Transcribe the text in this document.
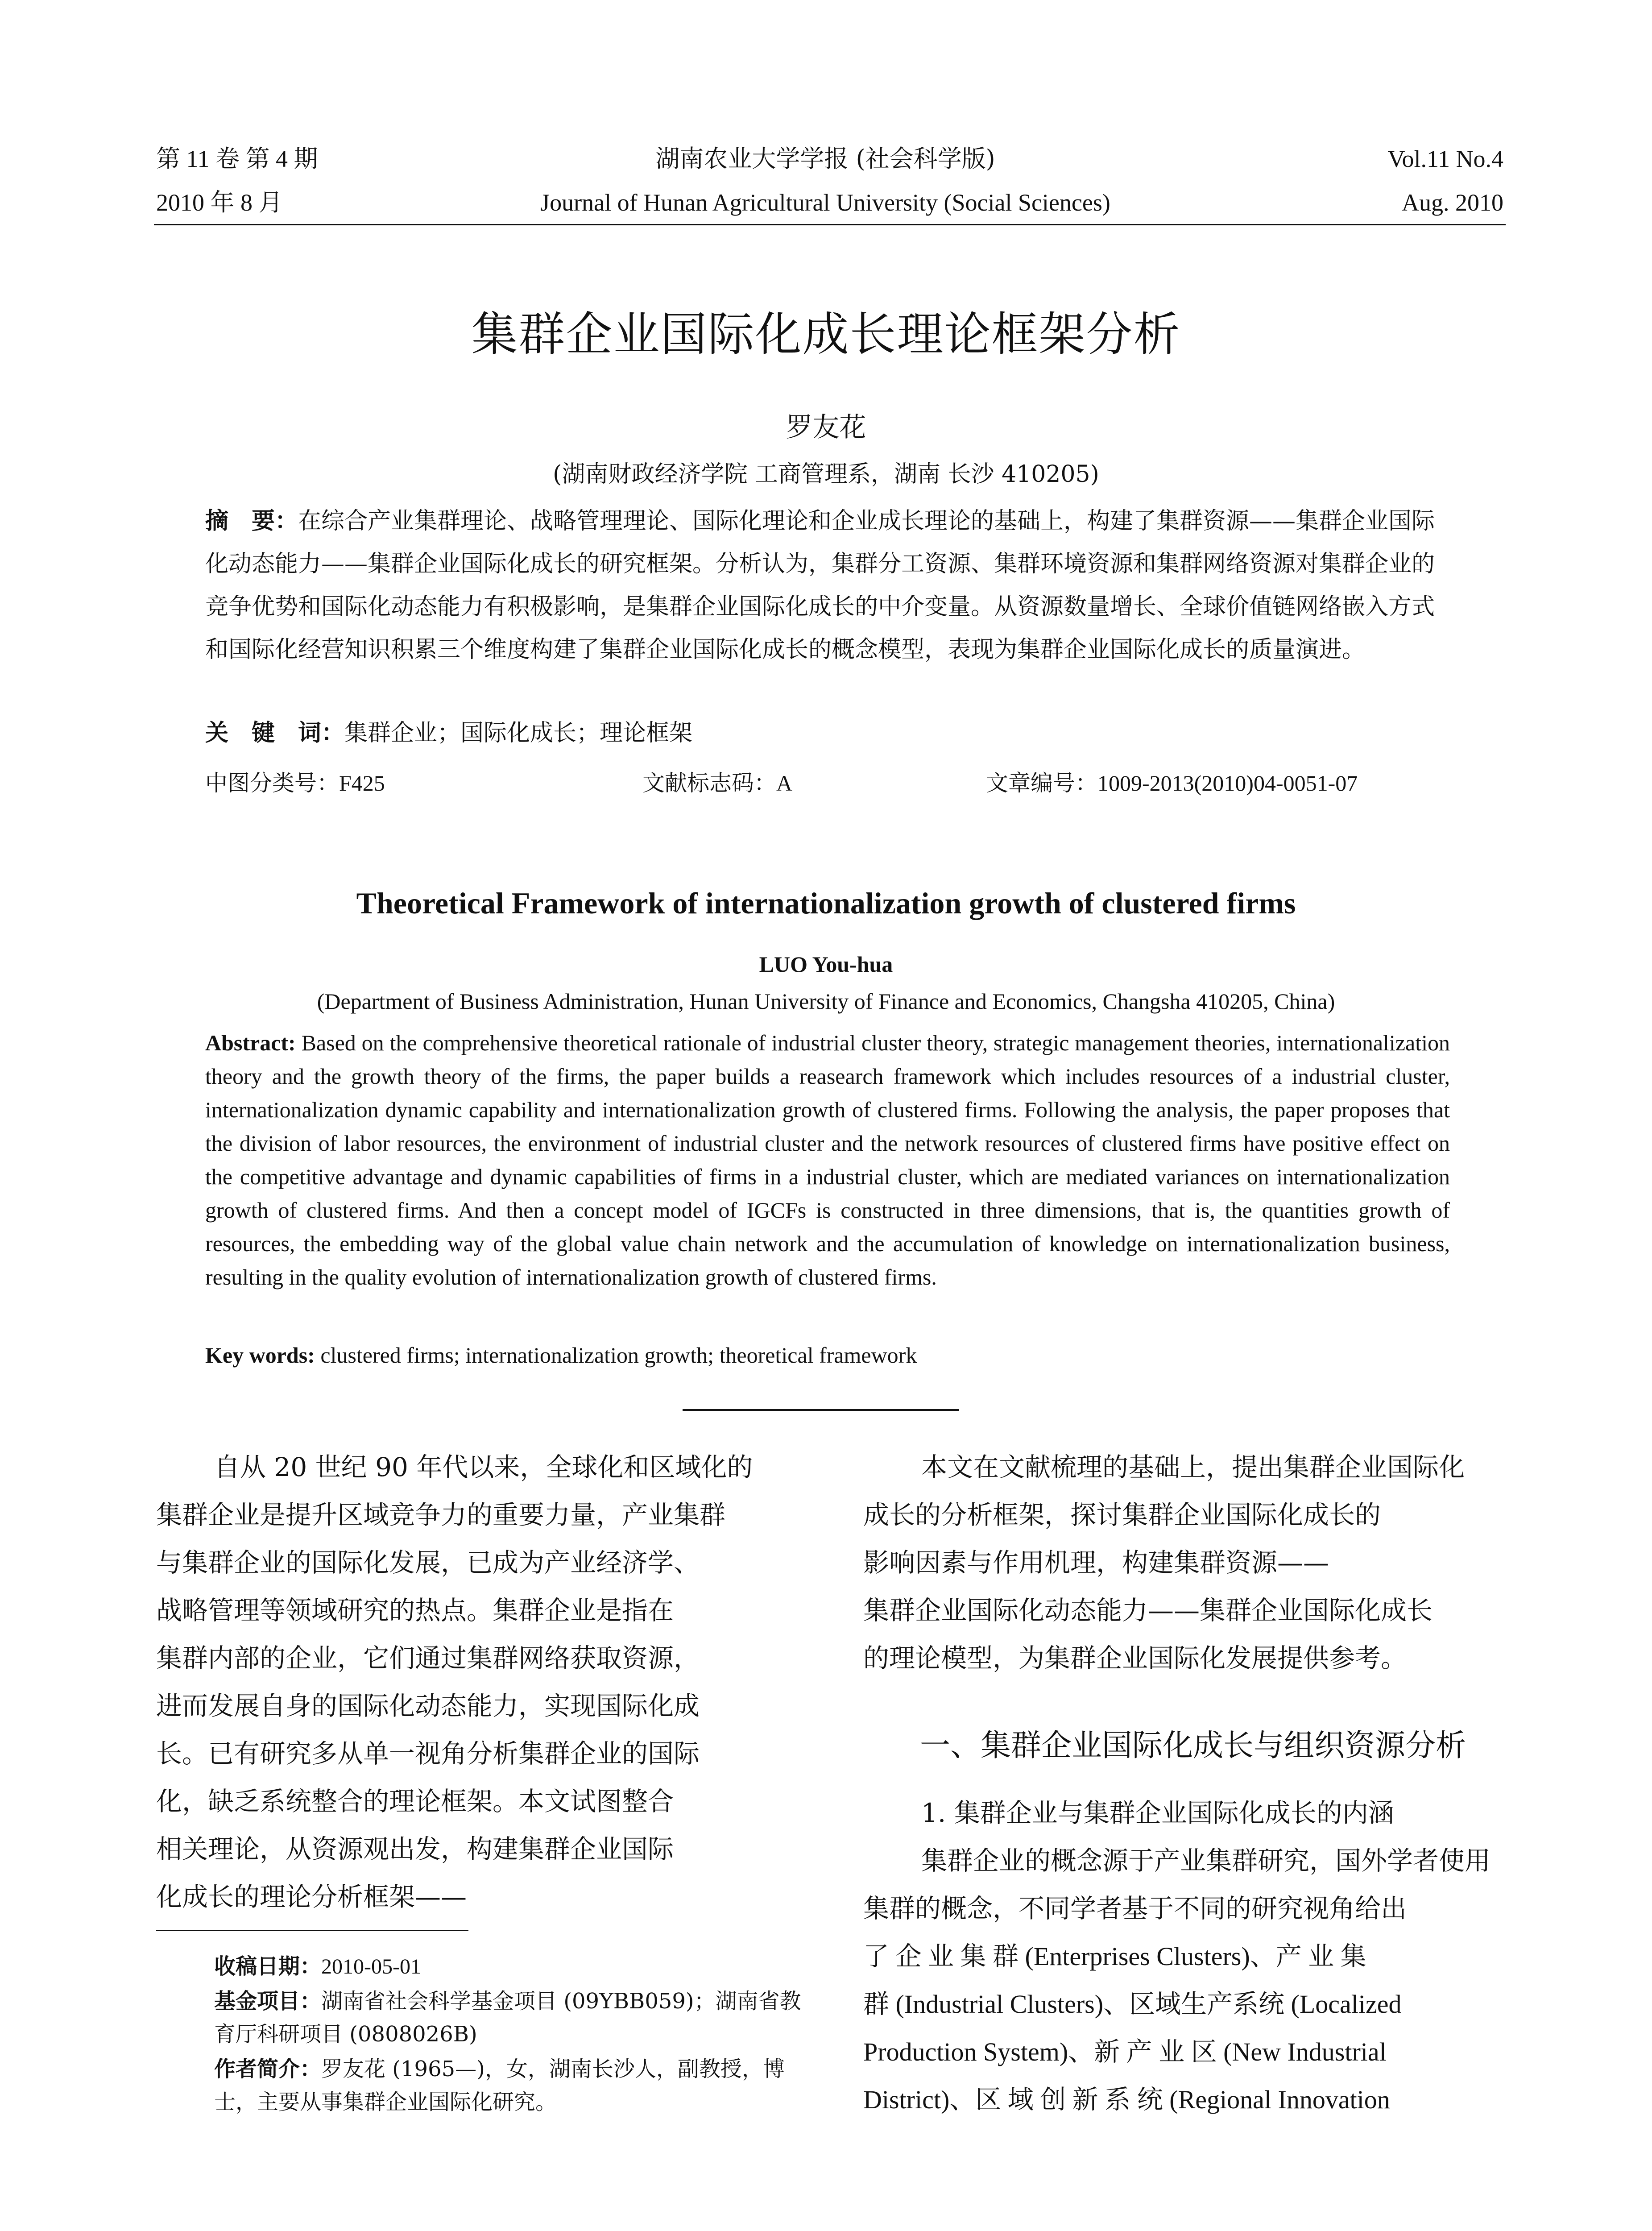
第 11 卷 第 4 期
2010 年 8 月
湖南农业大学学报 (社会科学版)
Journal of Hunan Agricultural University (Social Sciences)
Vol.11 No.4
Aug. 2010
集群企业国际化成长理论框架分析
罗友花
(湖南财政经济学院 工商管理系，湖南 长沙 410205)
摘　要：在综合产业集群理论、战略管理理论、国际化理论和企业成长理论的基础上，构建了集群资源——集群企业国际化动态能力——集群企业国际化成长的研究框架。分析认为，集群分工资源、集群环境资源和集群网络资源对集群企业的竞争优势和国际化动态能力有积极影响，是集群企业国际化成长的中介变量。从资源数量增长、全球价值链网络嵌入方式和国际化经营知识积累三个维度构建了集群企业国际化成长的概念模型，表现为集群企业国际化成长的质量演进。
关　键　词：集群企业；国际化成长；理论框架
中图分类号：F425	文献标志码：A	文章编号：1009-2013(2010)04-0051-07
Theoretical Framework of internationalization growth of clustered firms
LUO You-hua
(Department of Business Administration, Hunan University of Finance and Economics, Changsha 410205, China)
Abstract: Based on the comprehensive theoretical rationale of industrial cluster theory, strategic management theories, internationalization theory and the growth theory of the firms, the paper builds a reasearch framework which includes resources of a industrial cluster, internationalization dynamic capability and internationalization growth of clustered firms. Following the analysis, the paper proposes that the division of labor resources, the environment of industrial cluster and the network resources of clustered firms have positive effect on the competitive advantage and dynamic capabilities of firms in a industrial cluster, which are mediated variances on internationalization growth of clustered firms. And then a concept model of IGCFs is constructed in three dimensions, that is, the quantities growth of resources, the embedding way of the global value chain network and the accumulation of knowledge on internationalization business, resulting in the quality evolution of internationalization growth of clustered firms.
Key words: clustered firms; internationalization growth; theoretical framework
自从 20 世纪 90 年代以来，全球化和区域化的
集群企业是提升区域竞争力的重要力量，产业集群
与集群企业的国际化发展，已成为产业经济学、
战略管理等领域研究的热点。集群企业是指在
集群内部的企业，它们通过集群网络获取资源，
进而发展自身的国际化动态能力，实现国际化成
长。已有研究多从单一视角分析集群企业的国际
化，缺乏系统整合的理论框架。本文试图整合
相关理论，从资源观出发，构建集群企业国际
化成长的理论分析框架——
收稿日期：2010-05-01
基金项目：湖南省社会科学基金项目 (09YBB059)；湖南省教育厅科研项目 (0808026B)
作者简介：罗友花 (1965—)，女，湖南长沙人，副教授，博士，主要从事集群企业国际化研究。
本文在文献梳理的基础上，提出集群企业国际化
成长的分析框架，探讨集群企业国际化成长的
影响因素与作用机理，构建集群资源——
集群企业国际化动态能力——集群企业国际化成长
的理论模型，为集群企业国际化发展提供参考。
一、集群企业国际化成长与组织资源分析
1. 集群企业与集群企业国际化成长的内涵
集群企业的概念源于产业集群研究，国外学者使用
集群的概念，不同学者基于不同的研究视角给出
了 企 业 集 群 (Enterprises Clusters)、产 业 集
群 (Industrial Clusters)、区域生产系统 (Localized
Production System)、新 产 业 区 (New Industrial
District)、区 域 创 新 系 统 (Regional Innovation
